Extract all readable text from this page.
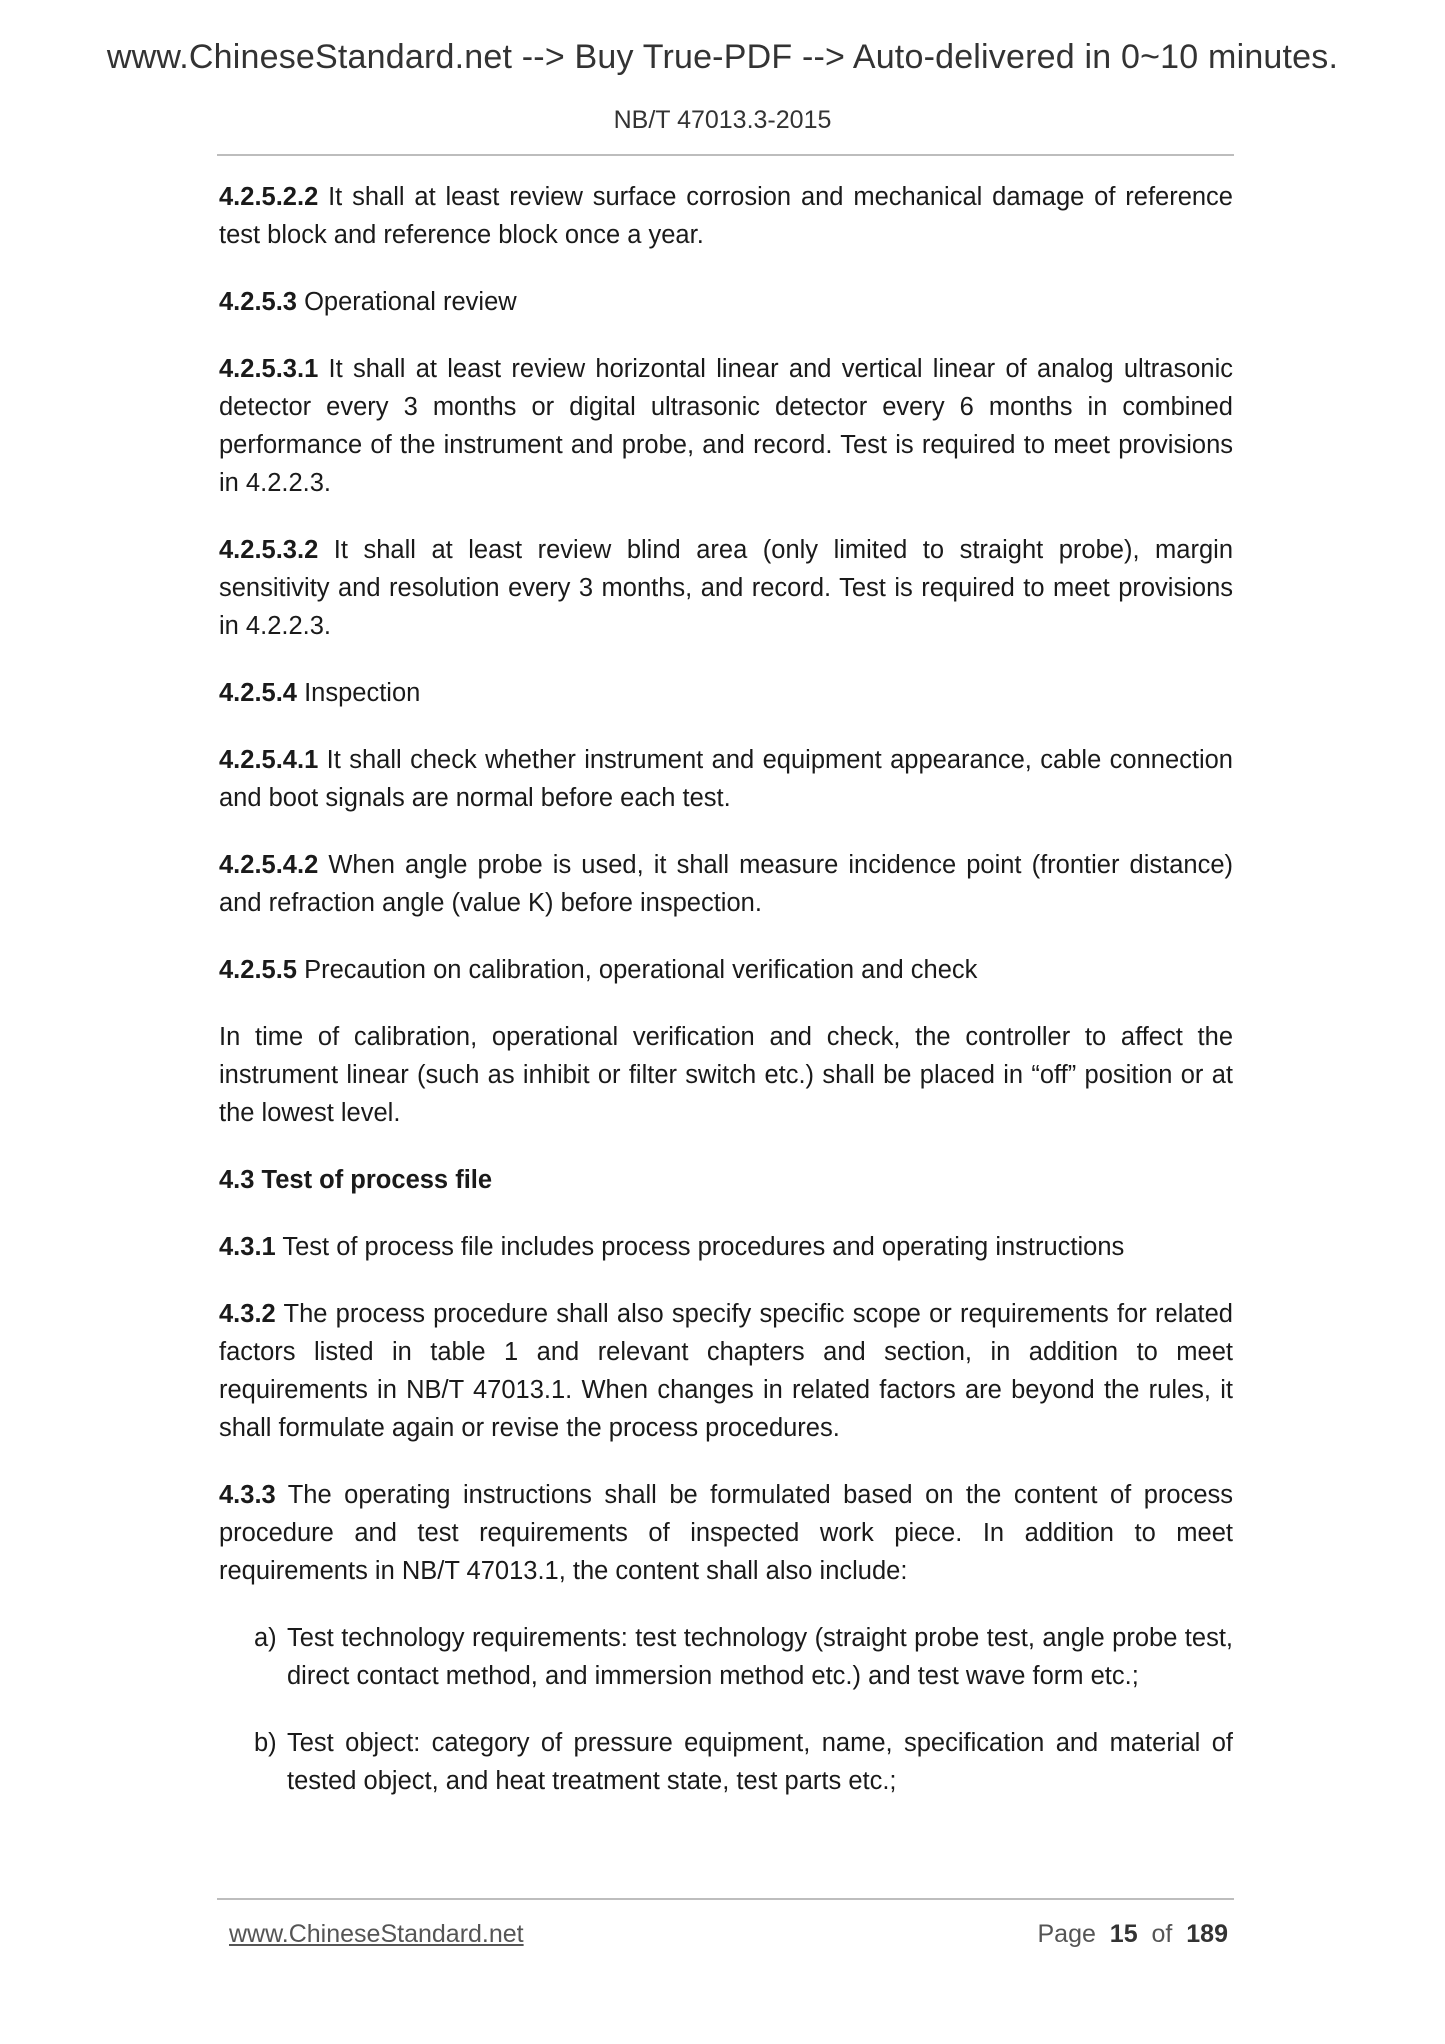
www.ChineseStandard.net --> Buy True-PDF --> Auto-delivered in 0~10 minutes.
NB/T 47013.3-2015

4.2.5.2.2 It shall at least review surface corrosion and mechanical damage of reference test block and reference block once a year.

4.2.5.3 Operational review

4.2.5.3.1 It shall at least review horizontal linear and vertical linear of analog ultrasonic detector every 3 months or digital ultrasonic detector every 6 months in combined performance of the instrument and probe, and record. Test is required to meet provisions in 4.2.2.3.

4.2.5.3.2 It shall at least review blind area (only limited to straight probe), margin sensitivity and resolution every 3 months, and record. Test is required to meet provisions in 4.2.2.3.

4.2.5.4 Inspection

4.2.5.4.1 It shall check whether instrument and equipment appearance, cable connection and boot signals are normal before each test.

4.2.5.4.2 When angle probe is used, it shall measure incidence point (frontier distance) and refraction angle (value K) before inspection.

4.2.5.5 Precaution on calibration, operational verification and check

In time of calibration, operational verification and check, the controller to affect the instrument linear (such as inhibit or filter switch etc.) shall be placed in “off” position or at the lowest level.

4.3 Test of process file

4.3.1 Test of process file includes process procedures and operating instructions

4.3.2 The process procedure shall also specify specific scope or requirements for related factors listed in table 1 and relevant chapters and section, in addition to meet requirements in NB/T 47013.1. When changes in related factors are beyond the rules, it shall formulate again or revise the process procedures.

4.3.3 The operating instructions shall be formulated based on the content of process procedure and test requirements of inspected work piece. In addition to meet requirements in NB/T 47013.1, the content shall also include:

a) Test technology requirements: test technology (straight probe test, angle probe test, direct contact method, and immersion method etc.) and test wave form etc.;
b) Test object: category of pressure equipment, name, specification and material of tested object, and heat treatment state, test parts etc.;
www.ChineseStandard.net	Page 15 of 189
